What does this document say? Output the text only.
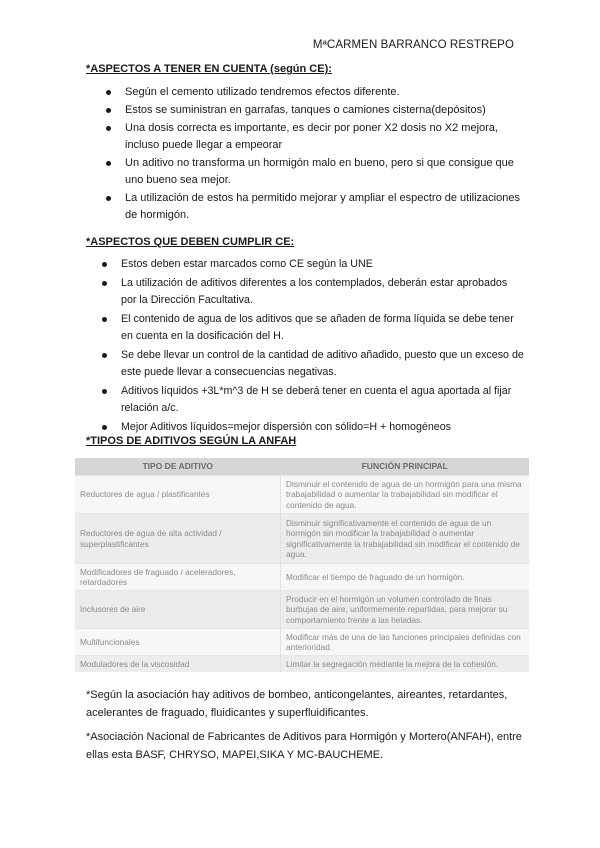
MªCARMEN BARRANCO RESTREPO
*ASPECTOS A TENER EN CUENTA (según CE):
Según el cemento utilizado tendremos efectos diferente.
Estos se suministran en garrafas, tanques o camiones cisterna(depósitos)
Una dosis correcta es importante, es decir por poner X2 dosis no X2 mejora, incluso puede llegar a empeorar
Un aditivo no transforma un hormigón malo en bueno, pero si que consigue que uno bueno sea mejor.
La utilización de estos ha permitido mejorar y ampliar el espectro de utilizaciones de hormigón.
*ASPECTOS QUE DEBEN CUMPLIR CE:
Estos deben estar marcados como CE según la UNE
La utilización de aditivos diferentes a los contemplados, deberán estar aprobados por la Dirección Facultativa.
El contenido de agua de los aditivos que se añaden de forma líquida se debe tener en cuenta en la dosificación del H.
Se debe llevar un control de la cantidad de aditivo añadido, puesto que un exceso de este puede llevar a consecuencias negativas.
Aditivos líquidos +3L*m^3 de H se deberá tener en cuenta el agua aportada al fijar relación a/c.
Mejor Aditivos líquidos=mejor dispersión con sólido=H + homogéneos
*TIPOS DE ADITIVOS SEGÚN LA ANFAH
TIPO DE ADITIVO	FUNCIÓN PRINCIPAL
Reductores de agua / plastificantes	Disminuir el contenido de agua de un hormigón para una misma trabajabilidad o aumentar la trabajabilidad sin modificar el contenido de agua.
Reductores de agua de alta actividad / superplastificantes	Disminuir significativamente el contenido de agua de un hormigón sin modificar la trabajabilidad o aumentar significativamente la trabajabilidad sin modificar el contenido de agua.
Modificadores de fraguado / aceleradores, retardadores	Modificar el tiempo de fraguado de un hormigón.
Inclusores de aire	Producir en el hormigón un volumen controlado de finas burbujas de aire, uniformemente repartidas, para mejorar su comportamiento frente a las heladas.
Multifuncionales	Modificar más de una de las funciones principales definidas con anterioridad.
Moduladores de la viscosidad	Limitar la segregación mediante la mejora de la cohesión.
*Según la asociación hay aditivos de bombeo, anticongelantes, aireantes, retardantes, acelerantes de fraguado, fluidicantes y superfluidificantes.
*Asociación Nacional de Fabricantes de Aditivos para Hormigón y Mortero(ANFAH), entre ellas esta BASF, CHRYSO, MAPEI,SIKA Y MC-BAUCHEME.
